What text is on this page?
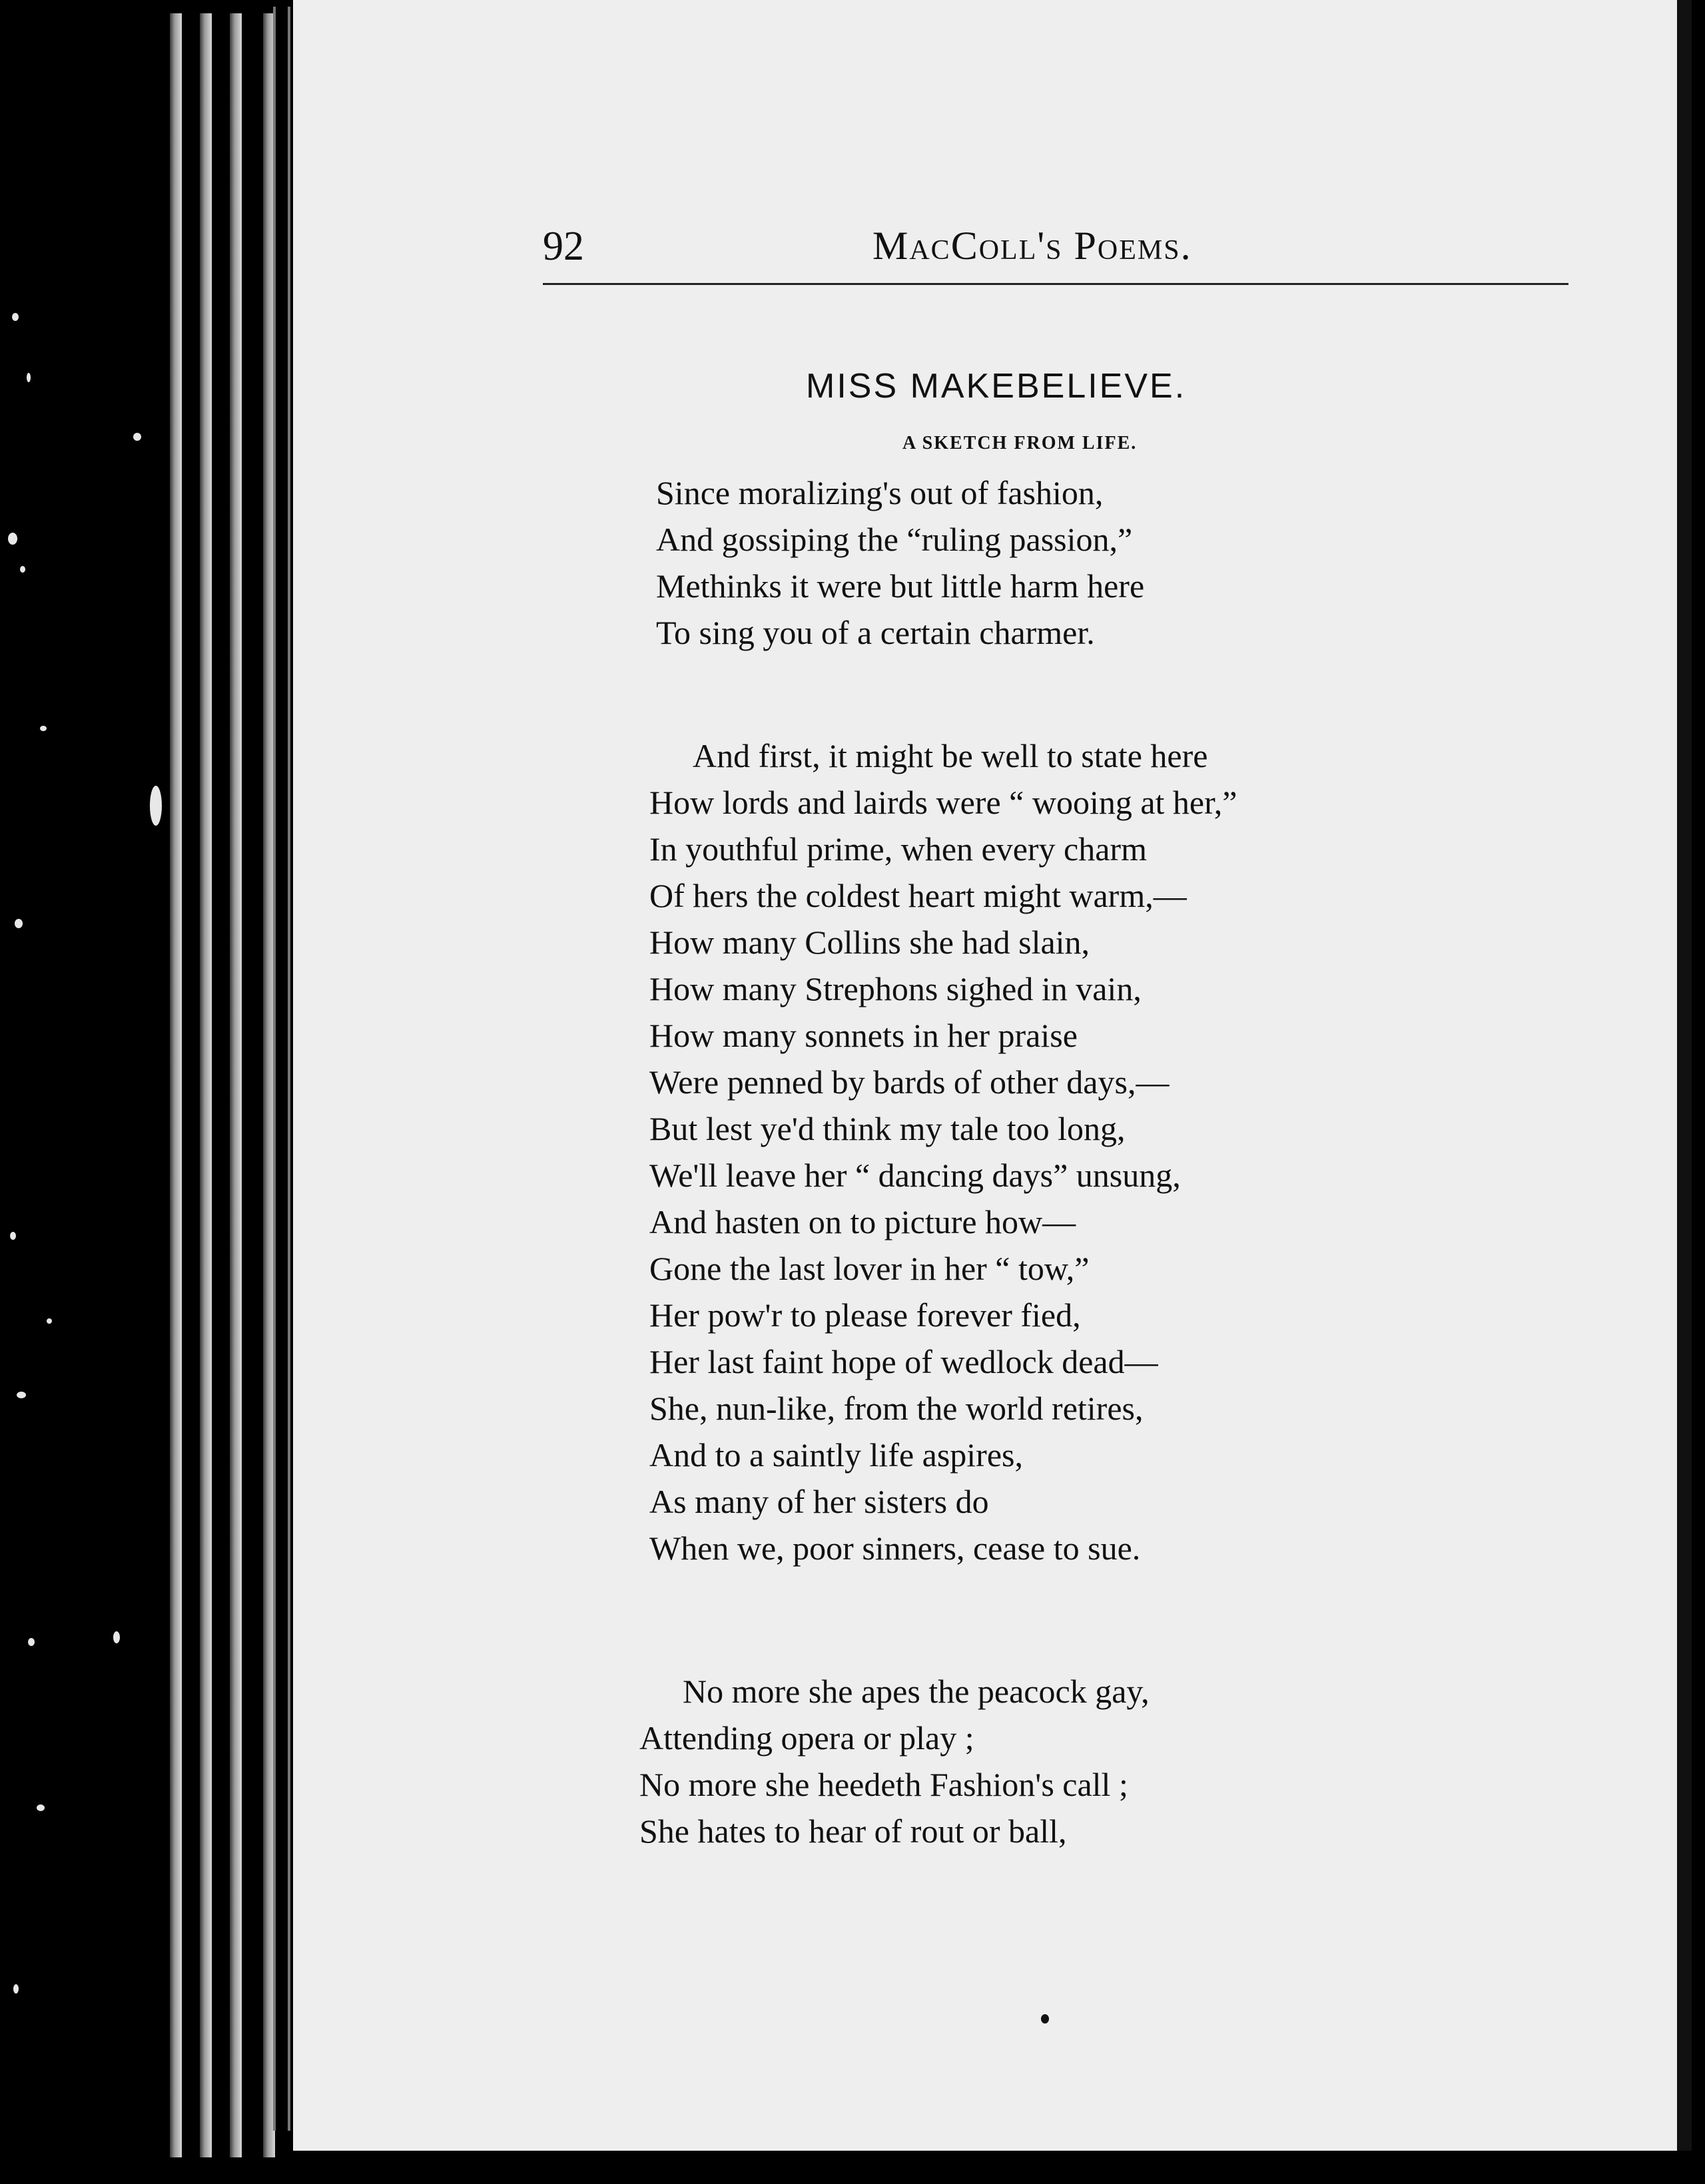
92	MacColl's Poems.
MISS MAKEBELIEVE.
A SKETCH FROM LIFE.
Since moralizing's out of fashion,
And gossiping the “ruling passion,”
Methinks it were but little harm here
To sing you of a certain charmer.
And first, it might be well to state here
How lords and lairds were “ wooing at her,”
In youthful prime, when every charm
Of hers the coldest heart might warm,—
How many Collins she had slain,
How many Strephons sighed in vain,
How many sonnets in her praise
Were penned by bards of other days,—
But lest ye'd think my tale too long,
We'll leave her “ dancing days” unsung,
And hasten on to picture how—
Gone the last lover in her “ tow,”
Her pow'r to please forever fied,
Her last faint hope of wedlock dead—
She, nun-like, from the world retires,
And to a saintly life aspires,
As many of her sisters do
When we, poor sinners, cease to sue.
No more she apes the peacock gay,
Attending opera or play ;
No more she heedeth Fashion's call ;
She hates to hear of rout or ball,
